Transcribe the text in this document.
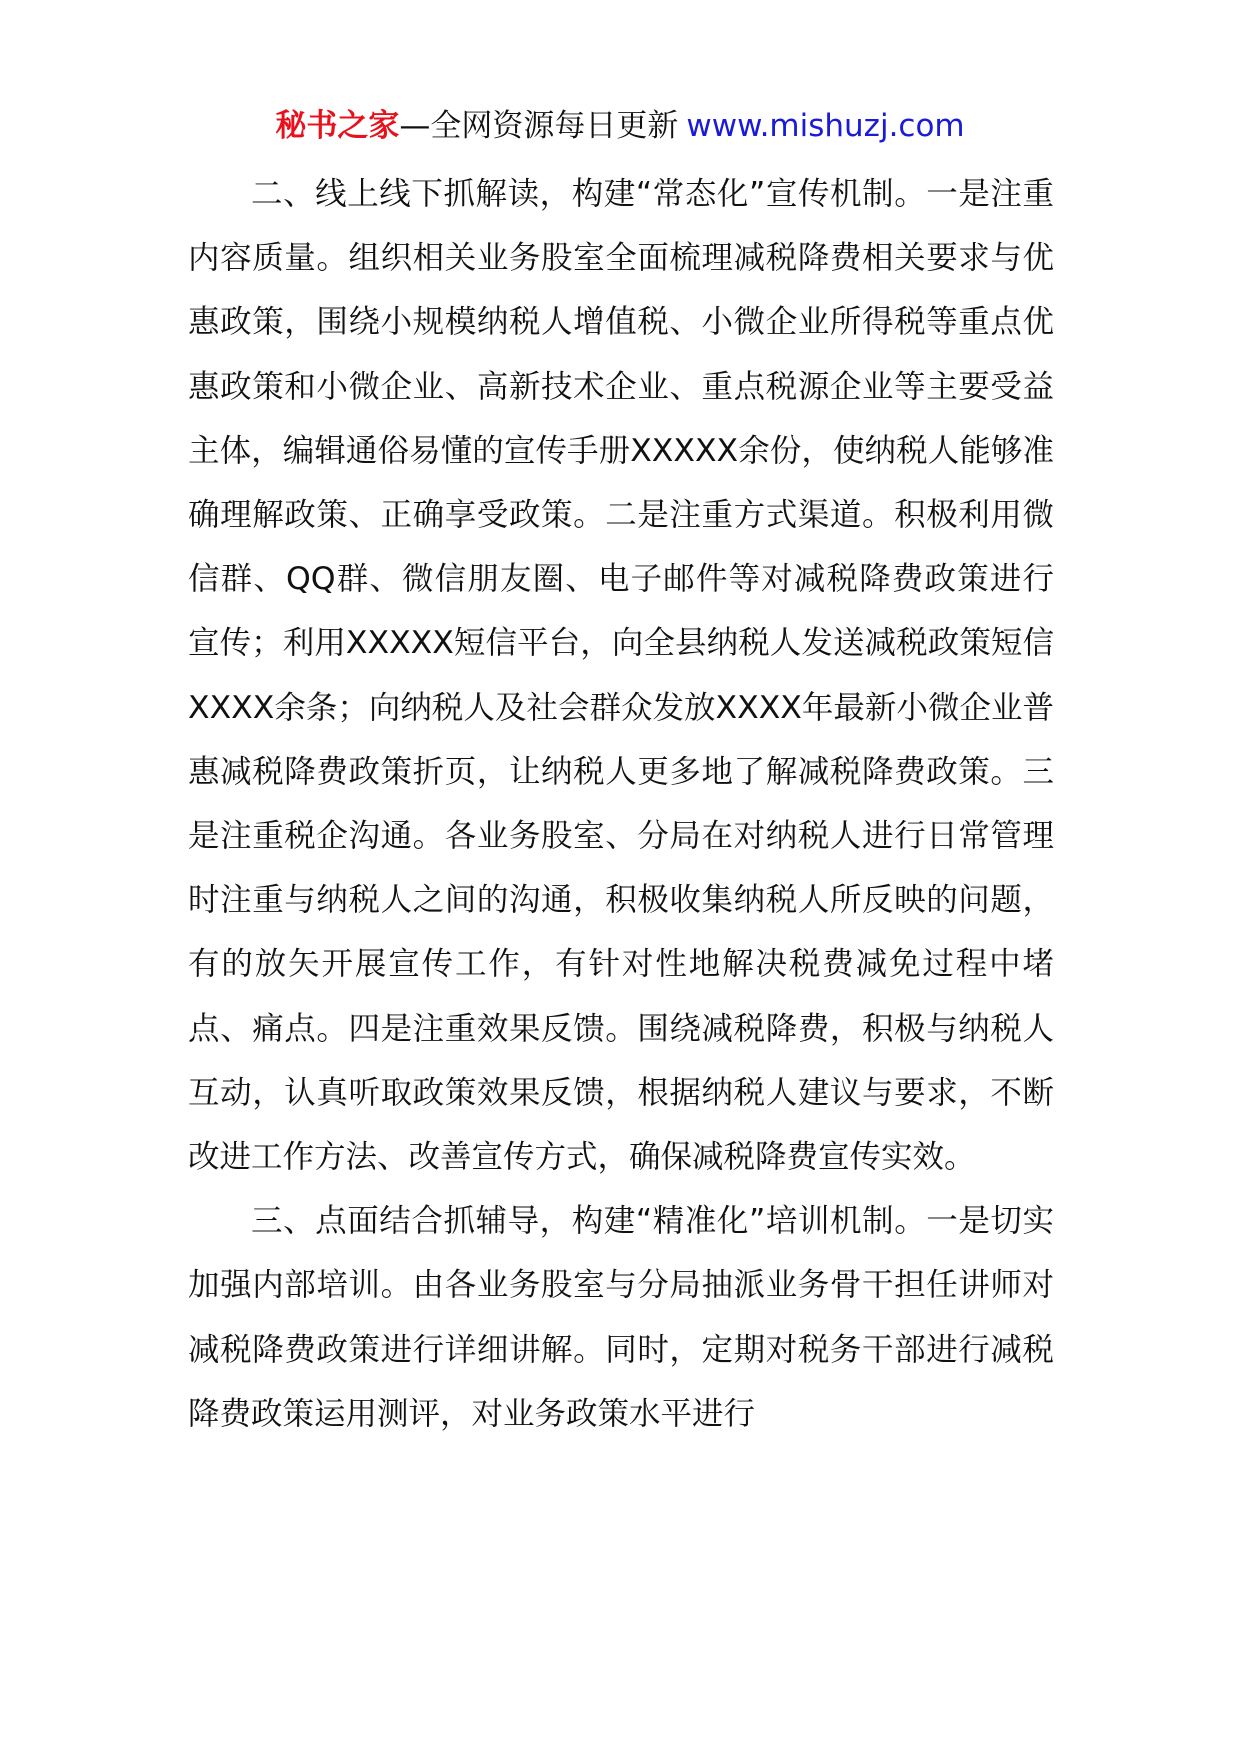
秘书之家—全网资源每日更新 www.mishuzj.com

二、线上线下抓解读，构建“常态化”宣传机制。一是注重内容质量。组织相关业务股室全面梳理减税降费相关要求与优惠政策，围绕小规模纳税人增值税、小微企业所得税等重点优惠政策和小微企业、高新技术企业、重点税源企业等主要受益主体，编辑通俗易懂的宣传手册XXXXX余份，使纳税人能够准确理解政策、正确享受政策。二是注重方式渠道。积极利用微信群、QQ群、微信朋友圈、电子邮件等对减税降费政策进行宣传；利用XXXXX短信平台，向全县纳税人发送减税政策短信XXXX余条；向纳税人及社会群众发放XXXX年最新小微企业普惠减税降费政策折页，让纳税人更多地了解减税降费政策。三是注重税企沟通。各业务股室、分局在对纳税人进行日常管理时注重与纳税人之间的沟通，积极收集纳税人所反映的问题，有的放矢开展宣传工作，有针对性地解决税费减免过程中堵点、痛点。四是注重效果反馈。围绕减税降费，积极与纳税人互动，认真听取政策效果反馈，根据纳税人建议与要求，不断改进工作方法、改善宣传方式，确保减税降费宣传实效。

三、点面结合抓辅导，构建“精准化”培训机制。一是切实加强内部培训。由各业务股室与分局抽派业务骨干担任讲师对减税降费政策进行详细讲解。同时，定期对税务干部进行减税降费政策运用测评，对业务政策水平进行
